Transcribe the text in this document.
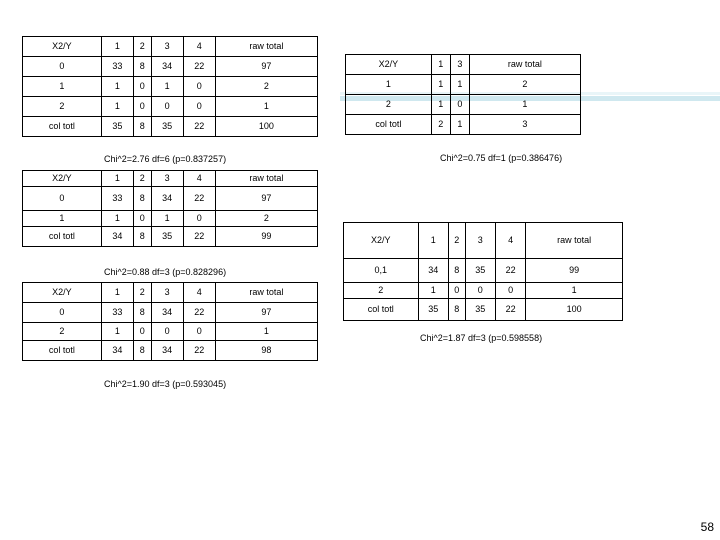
X2/Y	1	2	3	4	raw total
0	33	8	34	22	97
1	1	0	1	0	2
2	1	0	0	0	1
col totl	35	8	35	22	100
Chi^2=2.76 df=6 (p=0.837257)
X2/Y	1	2	3	4	raw total
0	33	8	34	22	97
1	1	0	1	0	2
col totl	34	8	35	22	99
Chi^2=0.88 df=3 (p=0.828296)
X2/Y	1	2	3	4	raw total
0	33	8	34	22	97
2	1	0	0	0	1
col totl	34	8	34	22	98
Chi^2=1.90 df=3 (p=0.593045)
X2/Y	1	3	raw total
1	1	1	2
2	1	0	1
col totl	2	1	3
Chi^2=0.75 df=1 (p=0.386476)
X2/Y	1	2	3	4	raw total
0,1	34	8	35	22	99
2	1	0	0	0	1
col totl	35	8	35	22	100
Chi^2=1.87 df=3 (p=0.598558)
58
